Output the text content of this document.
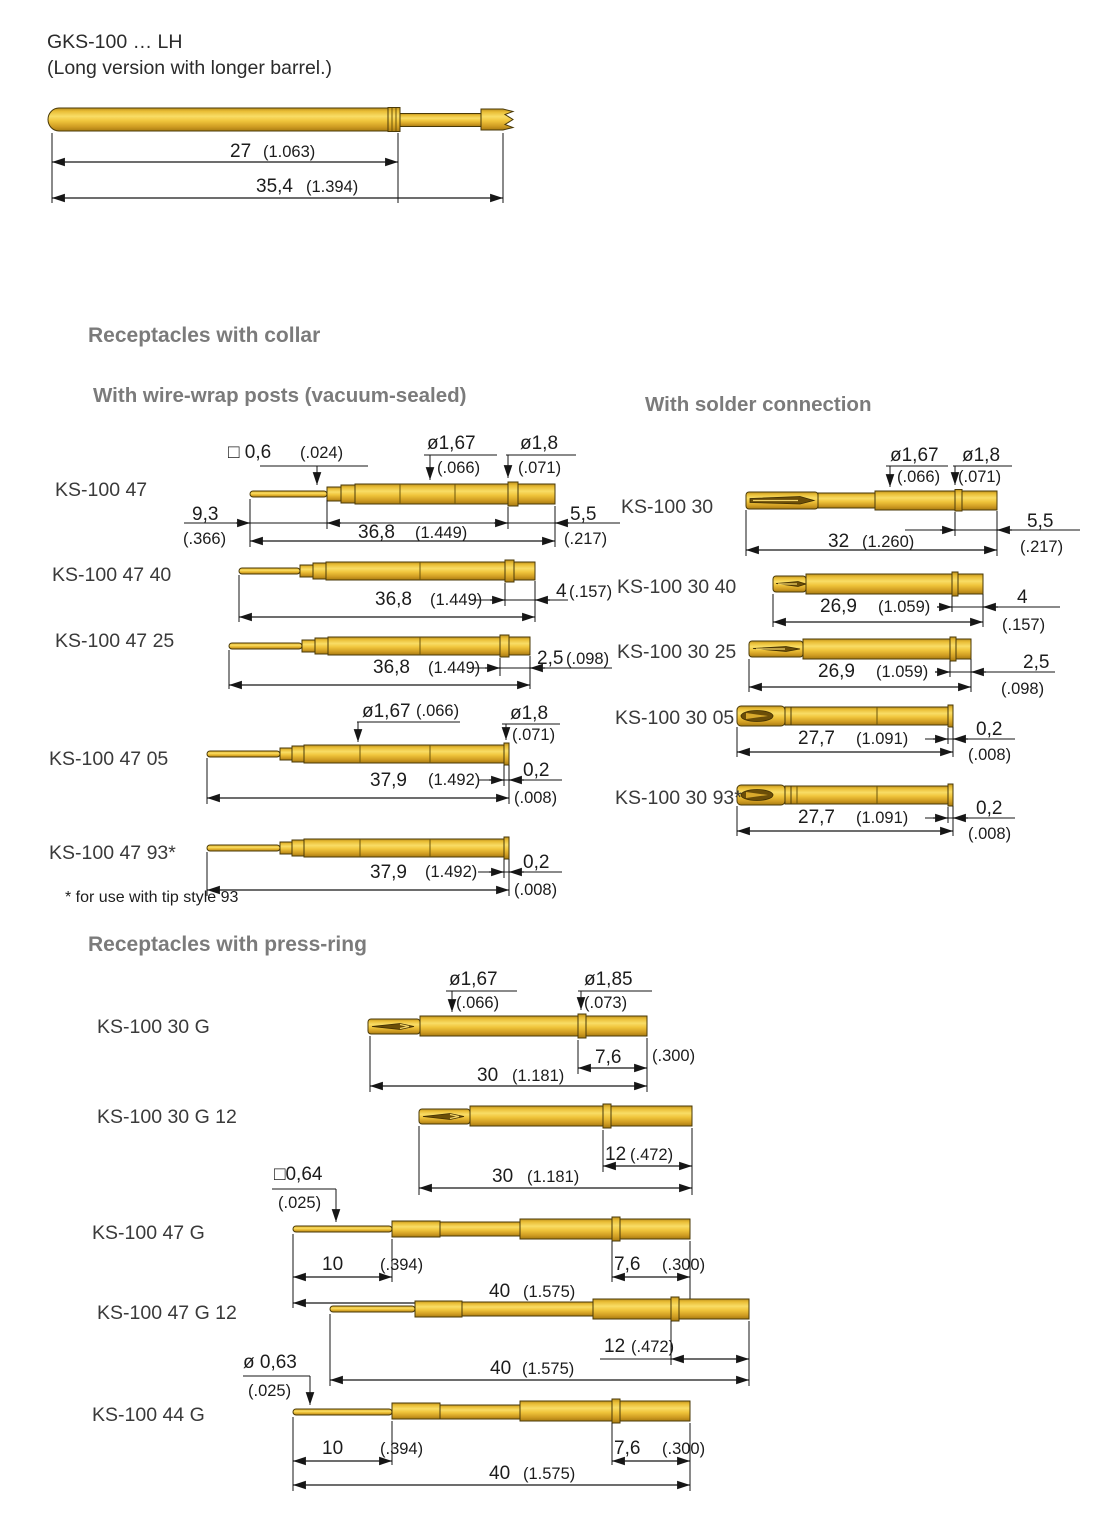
27 (1.063)
35,4 (1.394)
□ 0,6 (.024)	ø1,67
(.066)
ø1,8
(.071)
9,3
(.366)	36,8 (1.449)
5,5
(.217)
36,8 (1.449)	4 (.157)
36,8 (1.449)	2,5 (.098)
ø1,67 (.066)	ø1,8
(.071)
37,9 (1.492) 0,2
(.008)
37,9 (1.492) 0,2
(.008)
ø1,67
(.066)
ø1,8
(.071)
32 (1.260)
5,5
(.217)
26,9 (1.059)	4
(.157)
26,9 (1.059)	2,5
(.098)
27,7 (1.091)	0,2
(.008)
27,7 (1.091)	0,2
(.008)
ø1,67
(.066)
ø1,85
(.073)
7,6 (.300)
30 (1.181)
12 (.472)
30 (1.181)
□0,64
(.025)
10 (.394)	7,6 (.300)
40 (1.575)
12 (.472)
40 (1.575)
ø 0,63
(.025)
10 (.394)	7,6 (.300)
40 (1.575)
GKS-100 … LH
(Long version with longer barrel.)
Receptacles with collar
With wire-wrap posts (vacuum-sealed)	With solder connection
* for use with tip style 93
Receptacles with press-ring
KS-100 47
KS-100 47 40
KS-100 47 25
KS-100 47 05
KS-100 47 93*
KS-100 30
KS-100 30 40
KS-100 30 25
KS-100 30 05
KS-100 30 93*
KS-100 30 G
KS-100 30 G 12
KS-100 47 G
KS-100 47 G 12
KS-100 44 G
